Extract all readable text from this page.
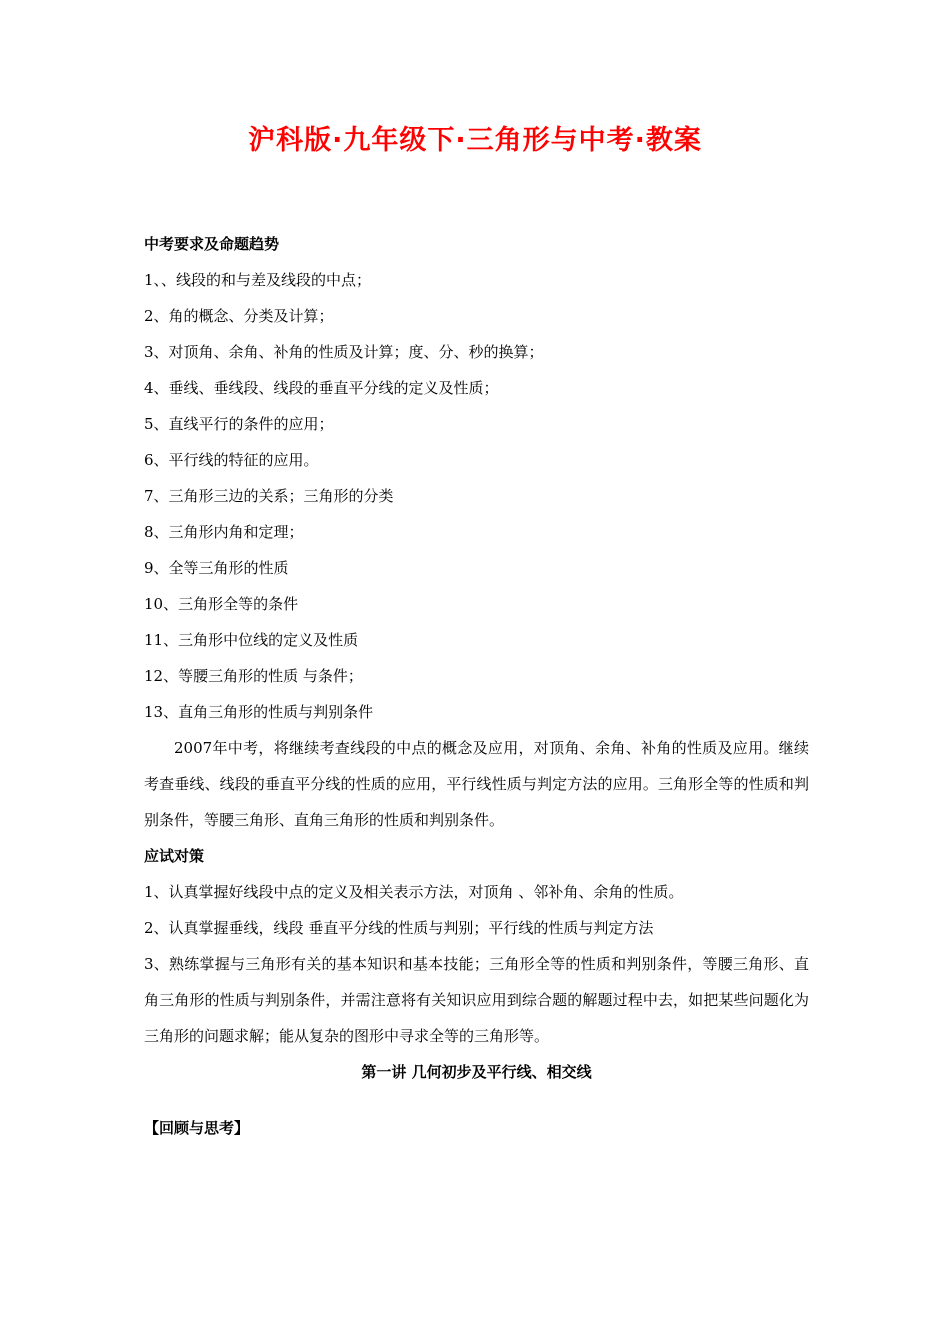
沪科版·九年级下·三角形与中考·教案
中考要求及命题趋势
1、、线段的和与差及线段的中点；
2、角的概念、分类及计算；
3、对顶角、余角、补角的性质及计算；度、分、秒的换算；
4、垂线、垂线段、线段的垂直平分线的定义及性质；
5、直线平行的条件的应用；
6、平行线的特征的应用。
7、三角形三边的关系；三角形的分类
8、三角形内角和定理；
9、全等三角形的性质
10、三角形全等的条件
11、三角形中位线的定义及性质
12、等腰三角形的性质 与条件；
13、直角三角形的性质与判别条件
2007年中考，将继续考查线段的中点的概念及应用，对顶角、余角、补角的性质及应用。继续考查垂线、线段的垂直平分线的性质的应用，平行线性质与判定方法的应用。三角形全等的性质和判别条件，等腰三角形、直角三角形的性质和判别条件。
应试对策
1、认真掌握好线段中点的定义及相关表示方法，对顶角 、邻补角、余角的性质。
2、认真掌握垂线，线段 垂直平分线的性质与判别；平行线的性质与判定方法
3、熟练掌握与三角形有关的基本知识和基本技能；三角形全等的性质和判别条件，等腰三角形、直角三角形的性质与判别条件，并需注意将有关知识应用到综合题的解题过程中去，如把某些问题化为三角形的问题求解；能从复杂的图形中寻求全等的三角形等。
第一讲 几何初步及平行线、相交线
【回顾与思考】
